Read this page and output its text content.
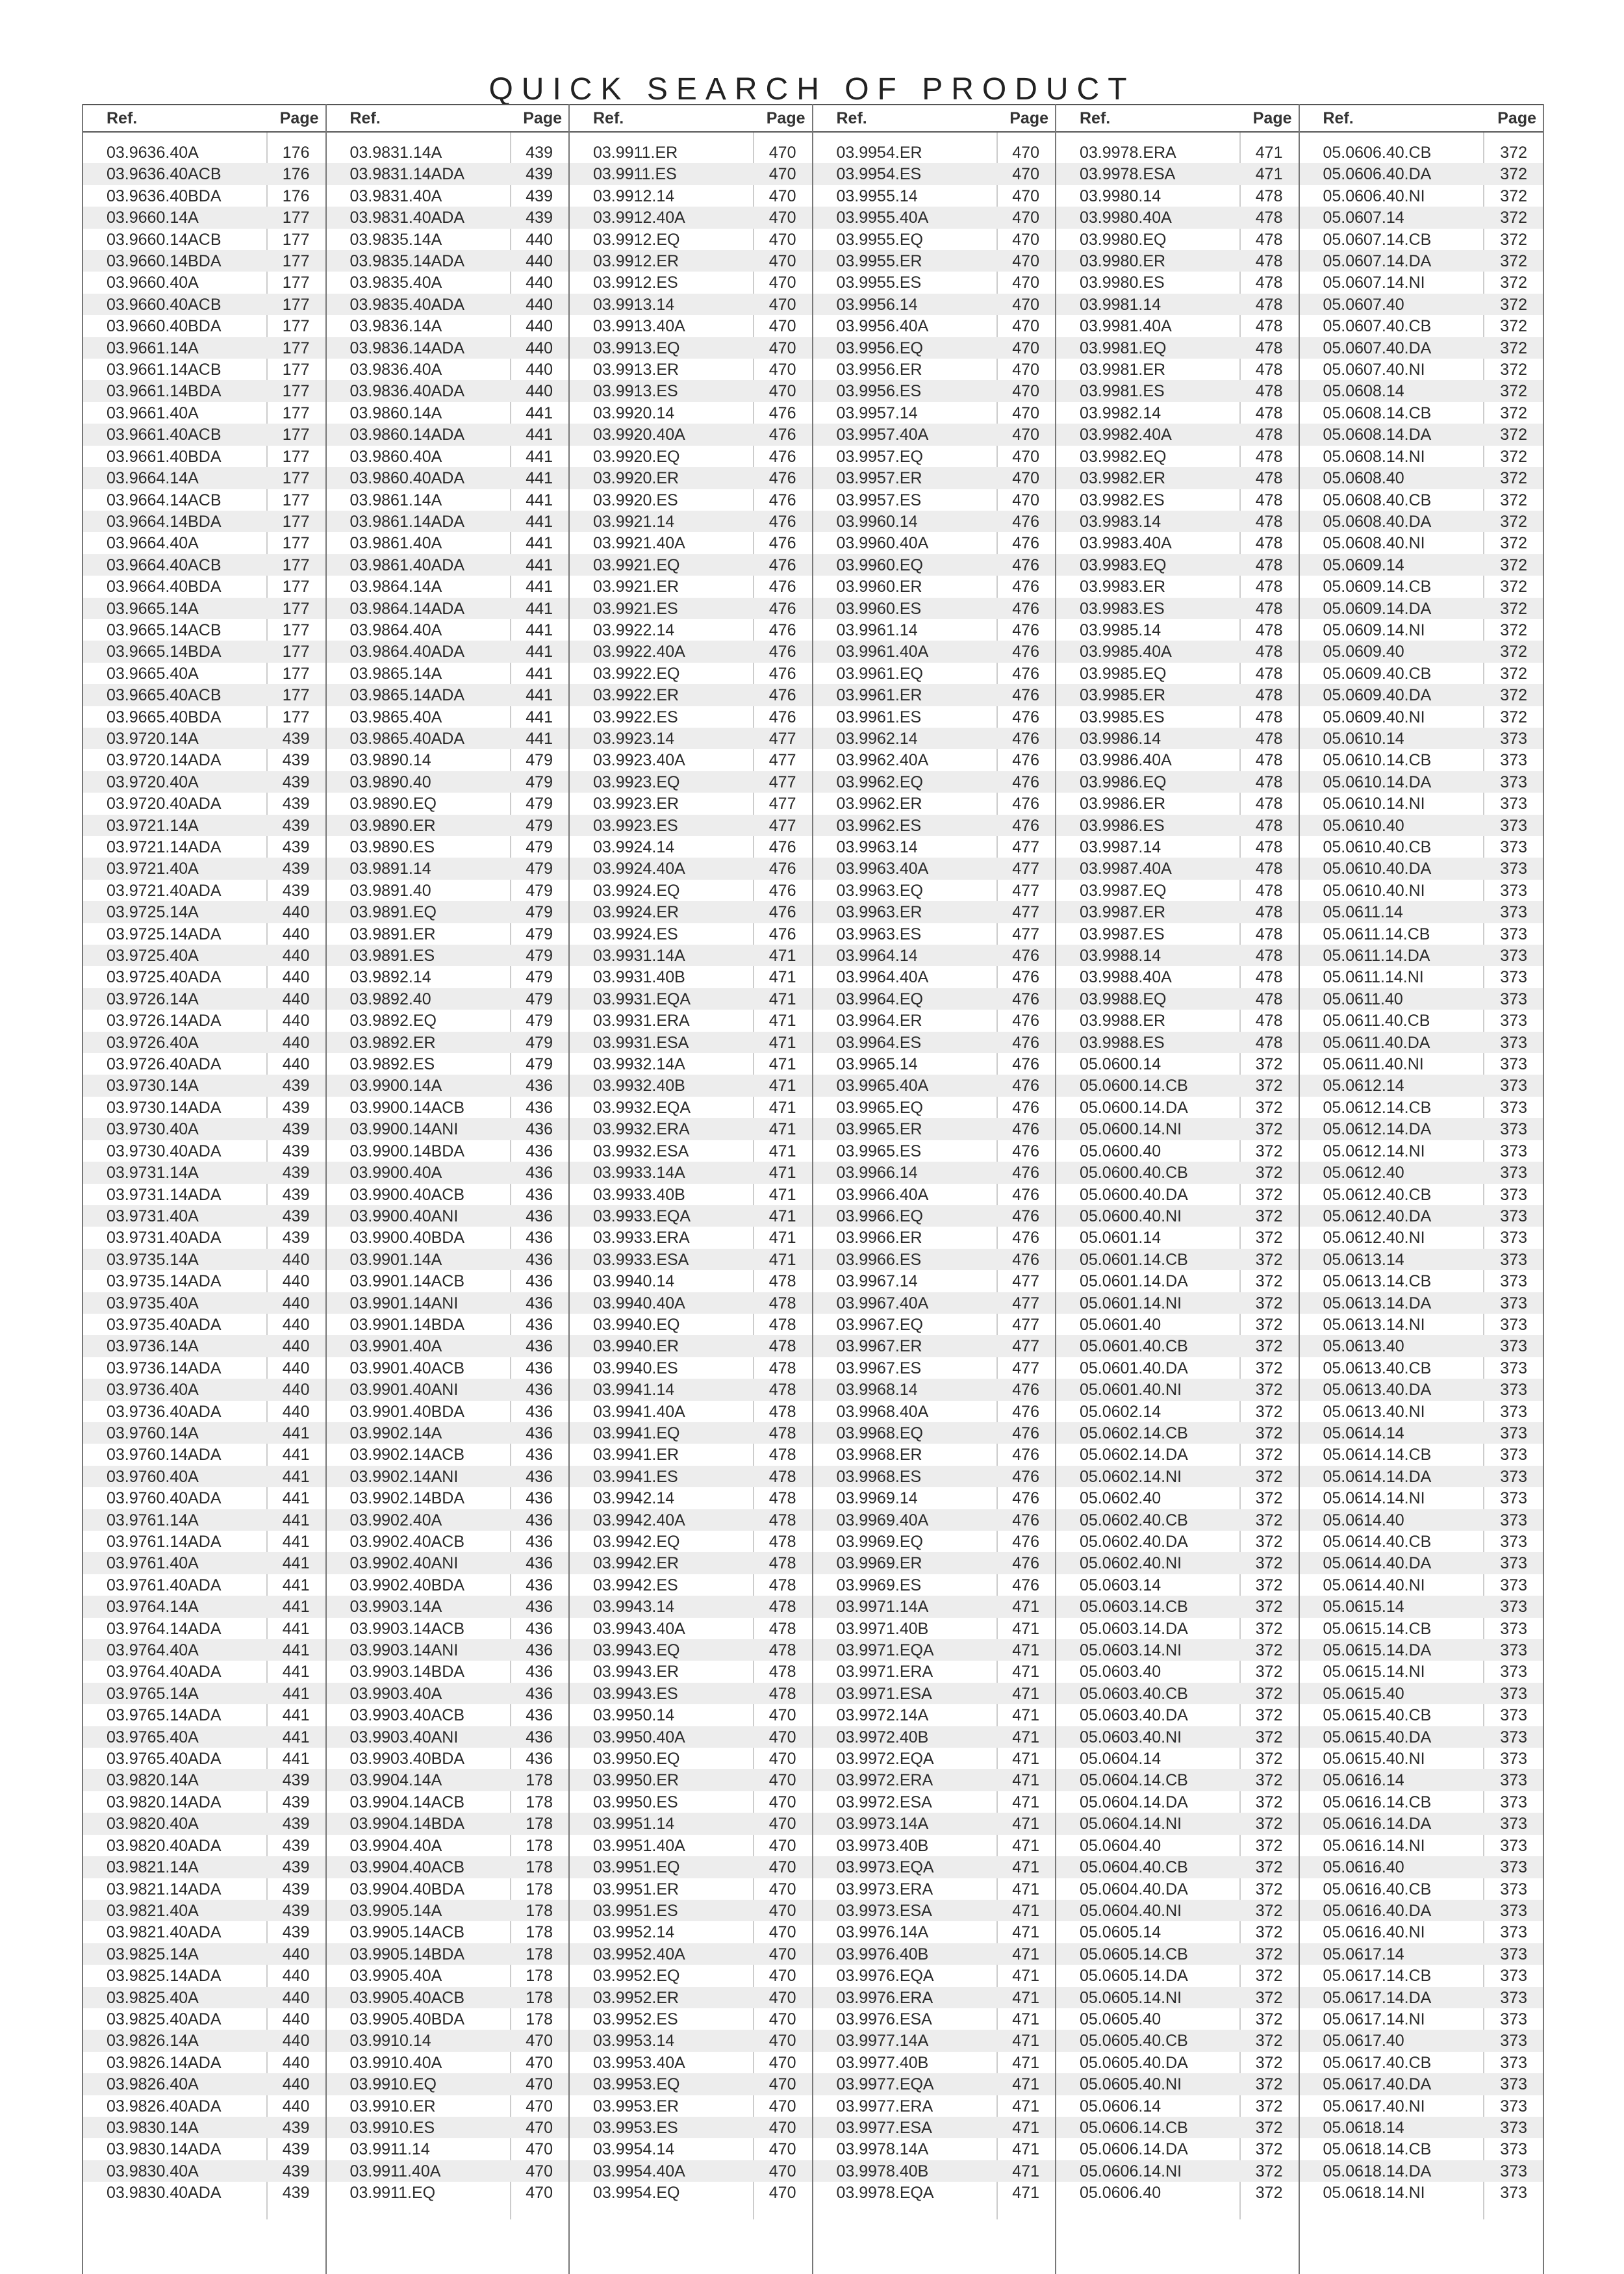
QUICK SEARCH OF PRODUCT
Ref.	Page
03.9636.40A	176
03.9636.40ACB	176
03.9636.40BDA	176
03.9660.14A	177
03.9660.14ACB	177
03.9660.14BDA	177
03.9660.40A	177
03.9660.40ACB	177
03.9660.40BDA	177
03.9661.14A	177
03.9661.14ACB	177
03.9661.14BDA	177
03.9661.40A	177
03.9661.40ACB	177
03.9661.40BDA	177
03.9664.14A	177
03.9664.14ACB	177
03.9664.14BDA	177
03.9664.40A	177
03.9664.40ACB	177
03.9664.40BDA	177
03.9665.14A	177
03.9665.14ACB	177
03.9665.14BDA	177
03.9665.40A	177
03.9665.40ACB	177
03.9665.40BDA	177
03.9720.14A	439
03.9720.14ADA	439
03.9720.40A	439
03.9720.40ADA	439
03.9721.14A	439
03.9721.14ADA	439
03.9721.40A	439
03.9721.40ADA	439
03.9725.14A	440
03.9725.14ADA	440
03.9725.40A	440
03.9725.40ADA	440
03.9726.14A	440
03.9726.14ADA	440
03.9726.40A	440
03.9726.40ADA	440
03.9730.14A	439
03.9730.14ADA	439
03.9730.40A	439
03.9730.40ADA	439
03.9731.14A	439
03.9731.14ADA	439
03.9731.40A	439
03.9731.40ADA	439
03.9735.14A	440
03.9735.14ADA	440
03.9735.40A	440
03.9735.40ADA	440
03.9736.14A	440
03.9736.14ADA	440
03.9736.40A	440
03.9736.40ADA	440
03.9760.14A	441
03.9760.14ADA	441
03.9760.40A	441
03.9760.40ADA	441
03.9761.14A	441
03.9761.14ADA	441
03.9761.40A	441
03.9761.40ADA	441
03.9764.14A	441
03.9764.14ADA	441
03.9764.40A	441
03.9764.40ADA	441
03.9765.14A	441
03.9765.14ADA	441
03.9765.40A	441
03.9765.40ADA	441
03.9820.14A	439
03.9820.14ADA	439
03.9820.40A	439
03.9820.40ADA	439
03.9821.14A	439
03.9821.14ADA	439
03.9821.40A	439
03.9821.40ADA	439
03.9825.14A	440
03.9825.14ADA	440
03.9825.40A	440
03.9825.40ADA	440
03.9826.14A	440
03.9826.14ADA	440
03.9826.40A	440
03.9826.40ADA	440
03.9830.14A	439
03.9830.14ADA	439
03.9830.40A	439
03.9830.40ADA	439
Ref.	Page
03.9831.14A	439
03.9831.14ADA	439
03.9831.40A	439
03.9831.40ADA	439
03.9835.14A	440
03.9835.14ADA	440
03.9835.40A	440
03.9835.40ADA	440
03.9836.14A	440
03.9836.14ADA	440
03.9836.40A	440
03.9836.40ADA	440
03.9860.14A	441
03.9860.14ADA	441
03.9860.40A	441
03.9860.40ADA	441
03.9861.14A	441
03.9861.14ADA	441
03.9861.40A	441
03.9861.40ADA	441
03.9864.14A	441
03.9864.14ADA	441
03.9864.40A	441
03.9864.40ADA	441
03.9865.14A	441
03.9865.14ADA	441
03.9865.40A	441
03.9865.40ADA	441
03.9890.14	479
03.9890.40	479
03.9890.EQ	479
03.9890.ER	479
03.9890.ES	479
03.9891.14	479
03.9891.40	479
03.9891.EQ	479
03.9891.ER	479
03.9891.ES	479
03.9892.14	479
03.9892.40	479
03.9892.EQ	479
03.9892.ER	479
03.9892.ES	479
03.9900.14A	436
03.9900.14ACB	436
03.9900.14ANI	436
03.9900.14BDA	436
03.9900.40A	436
03.9900.40ACB	436
03.9900.40ANI	436
03.9900.40BDA	436
03.9901.14A	436
03.9901.14ACB	436
03.9901.14ANI	436
03.9901.14BDA	436
03.9901.40A	436
03.9901.40ACB	436
03.9901.40ANI	436
03.9901.40BDA	436
03.9902.14A	436
03.9902.14ACB	436
03.9902.14ANI	436
03.9902.14BDA	436
03.9902.40A	436
03.9902.40ACB	436
03.9902.40ANI	436
03.9902.40BDA	436
03.9903.14A	436
03.9903.14ACB	436
03.9903.14ANI	436
03.9903.14BDA	436
03.9903.40A	436
03.9903.40ACB	436
03.9903.40ANI	436
03.9903.40BDA	436
03.9904.14A	178
03.9904.14ACB	178
03.9904.14BDA	178
03.9904.40A	178
03.9904.40ACB	178
03.9904.40BDA	178
03.9905.14A	178
03.9905.14ACB	178
03.9905.14BDA	178
03.9905.40A	178
03.9905.40ACB	178
03.9905.40BDA	178
03.9910.14	470
03.9910.40A	470
03.9910.EQ	470
03.9910.ER	470
03.9910.ES	470
03.9911.14	470
03.9911.40A	470
03.9911.EQ	470
Ref.	Page
03.9911.ER	470
03.9911.ES	470
03.9912.14	470
03.9912.40A	470
03.9912.EQ	470
03.9912.ER	470
03.9912.ES	470
03.9913.14	470
03.9913.40A	470
03.9913.EQ	470
03.9913.ER	470
03.9913.ES	470
03.9920.14	476
03.9920.40A	476
03.9920.EQ	476
03.9920.ER	476
03.9920.ES	476
03.9921.14	476
03.9921.40A	476
03.9921.EQ	476
03.9921.ER	476
03.9921.ES	476
03.9922.14	476
03.9922.40A	476
03.9922.EQ	476
03.9922.ER	476
03.9922.ES	476
03.9923.14	477
03.9923.40A	477
03.9923.EQ	477
03.9923.ER	477
03.9923.ES	477
03.9924.14	476
03.9924.40A	476
03.9924.EQ	476
03.9924.ER	476
03.9924.ES	476
03.9931.14A	471
03.9931.40B	471
03.9931.EQA	471
03.9931.ERA	471
03.9931.ESA	471
03.9932.14A	471
03.9932.40B	471
03.9932.EQA	471
03.9932.ERA	471
03.9932.ESA	471
03.9933.14A	471
03.9933.40B	471
03.9933.EQA	471
03.9933.ERA	471
03.9933.ESA	471
03.9940.14	478
03.9940.40A	478
03.9940.EQ	478
03.9940.ER	478
03.9940.ES	478
03.9941.14	478
03.9941.40A	478
03.9941.EQ	478
03.9941.ER	478
03.9941.ES	478
03.9942.14	478
03.9942.40A	478
03.9942.EQ	478
03.9942.ER	478
03.9942.ES	478
03.9943.14	478
03.9943.40A	478
03.9943.EQ	478
03.9943.ER	478
03.9943.ES	478
03.9950.14	470
03.9950.40A	470
03.9950.EQ	470
03.9950.ER	470
03.9950.ES	470
03.9951.14	470
03.9951.40A	470
03.9951.EQ	470
03.9951.ER	470
03.9951.ES	470
03.9952.14	470
03.9952.40A	470
03.9952.EQ	470
03.9952.ER	470
03.9952.ES	470
03.9953.14	470
03.9953.40A	470
03.9953.EQ	470
03.9953.ER	470
03.9953.ES	470
03.9954.14	470
03.9954.40A	470
03.9954.EQ	470
Ref.	Page
03.9954.ER	470
03.9954.ES	470
03.9955.14	470
03.9955.40A	470
03.9955.EQ	470
03.9955.ER	470
03.9955.ES	470
03.9956.14	470
03.9956.40A	470
03.9956.EQ	470
03.9956.ER	470
03.9956.ES	470
03.9957.14	470
03.9957.40A	470
03.9957.EQ	470
03.9957.ER	470
03.9957.ES	470
03.9960.14	476
03.9960.40A	476
03.9960.EQ	476
03.9960.ER	476
03.9960.ES	476
03.9961.14	476
03.9961.40A	476
03.9961.EQ	476
03.9961.ER	476
03.9961.ES	476
03.9962.14	476
03.9962.40A	476
03.9962.EQ	476
03.9962.ER	476
03.9962.ES	476
03.9963.14	477
03.9963.40A	477
03.9963.EQ	477
03.9963.ER	477
03.9963.ES	477
03.9964.14	476
03.9964.40A	476
03.9964.EQ	476
03.9964.ER	476
03.9964.ES	476
03.9965.14	476
03.9965.40A	476
03.9965.EQ	476
03.9965.ER	476
03.9965.ES	476
03.9966.14	476
03.9966.40A	476
03.9966.EQ	476
03.9966.ER	476
03.9966.ES	476
03.9967.14	477
03.9967.40A	477
03.9967.EQ	477
03.9967.ER	477
03.9967.ES	477
03.9968.14	476
03.9968.40A	476
03.9968.EQ	476
03.9968.ER	476
03.9968.ES	476
03.9969.14	476
03.9969.40A	476
03.9969.EQ	476
03.9969.ER	476
03.9969.ES	476
03.9971.14A	471
03.9971.40B	471
03.9971.EQA	471
03.9971.ERA	471
03.9971.ESA	471
03.9972.14A	471
03.9972.40B	471
03.9972.EQA	471
03.9972.ERA	471
03.9972.ESA	471
03.9973.14A	471
03.9973.40B	471
03.9973.EQA	471
03.9973.ERA	471
03.9973.ESA	471
03.9976.14A	471
03.9976.40B	471
03.9976.EQA	471
03.9976.ERA	471
03.9976.ESA	471
03.9977.14A	471
03.9977.40B	471
03.9977.EQA	471
03.9977.ERA	471
03.9977.ESA	471
03.9978.14A	471
03.9978.40B	471
03.9978.EQA	471
Ref.	Page
03.9978.ERA	471
03.9978.ESA	471
03.9980.14	478
03.9980.40A	478
03.9980.EQ	478
03.9980.ER	478
03.9980.ES	478
03.9981.14	478
03.9981.40A	478
03.9981.EQ	478
03.9981.ER	478
03.9981.ES	478
03.9982.14	478
03.9982.40A	478
03.9982.EQ	478
03.9982.ER	478
03.9982.ES	478
03.9983.14	478
03.9983.40A	478
03.9983.EQ	478
03.9983.ER	478
03.9983.ES	478
03.9985.14	478
03.9985.40A	478
03.9985.EQ	478
03.9985.ER	478
03.9985.ES	478
03.9986.14	478
03.9986.40A	478
03.9986.EQ	478
03.9986.ER	478
03.9986.ES	478
03.9987.14	478
03.9987.40A	478
03.9987.EQ	478
03.9987.ER	478
03.9987.ES	478
03.9988.14	478
03.9988.40A	478
03.9988.EQ	478
03.9988.ER	478
03.9988.ES	478
05.0600.14	372
05.0600.14.CB	372
05.0600.14.DA	372
05.0600.14.NI	372
05.0600.40	372
05.0600.40.CB	372
05.0600.40.DA	372
05.0600.40.NI	372
05.0601.14	372
05.0601.14.CB	372
05.0601.14.DA	372
05.0601.14.NI	372
05.0601.40	372
05.0601.40.CB	372
05.0601.40.DA	372
05.0601.40.NI	372
05.0602.14	372
05.0602.14.CB	372
05.0602.14.DA	372
05.0602.14.NI	372
05.0602.40	372
05.0602.40.CB	372
05.0602.40.DA	372
05.0602.40.NI	372
05.0603.14	372
05.0603.14.CB	372
05.0603.14.DA	372
05.0603.14.NI	372
05.0603.40	372
05.0603.40.CB	372
05.0603.40.DA	372
05.0603.40.NI	372
05.0604.14	372
05.0604.14.CB	372
05.0604.14.DA	372
05.0604.14.NI	372
05.0604.40	372
05.0604.40.CB	372
05.0604.40.DA	372
05.0604.40.NI	372
05.0605.14	372
05.0605.14.CB	372
05.0605.14.DA	372
05.0605.14.NI	372
05.0605.40	372
05.0605.40.CB	372
05.0605.40.DA	372
05.0605.40.NI	372
05.0606.14	372
05.0606.14.CB	372
05.0606.14.DA	372
05.0606.14.NI	372
05.0606.40	372
Ref.	Page
05.0606.40.CB	372
05.0606.40.DA	372
05.0606.40.NI	372
05.0607.14	372
05.0607.14.CB	372
05.0607.14.DA	372
05.0607.14.NI	372
05.0607.40	372
05.0607.40.CB	372
05.0607.40.DA	372
05.0607.40.NI	372
05.0608.14	372
05.0608.14.CB	372
05.0608.14.DA	372
05.0608.14.NI	372
05.0608.40	372
05.0608.40.CB	372
05.0608.40.DA	372
05.0608.40.NI	372
05.0609.14	372
05.0609.14.CB	372
05.0609.14.DA	372
05.0609.14.NI	372
05.0609.40	372
05.0609.40.CB	372
05.0609.40.DA	372
05.0609.40.NI	372
05.0610.14	373
05.0610.14.CB	373
05.0610.14.DA	373
05.0610.14.NI	373
05.0610.40	373
05.0610.40.CB	373
05.0610.40.DA	373
05.0610.40.NI	373
05.0611.14	373
05.0611.14.CB	373
05.0611.14.DA	373
05.0611.14.NI	373
05.0611.40	373
05.0611.40.CB	373
05.0611.40.DA	373
05.0611.40.NI	373
05.0612.14	373
05.0612.14.CB	373
05.0612.14.DA	373
05.0612.14.NI	373
05.0612.40	373
05.0612.40.CB	373
05.0612.40.DA	373
05.0612.40.NI	373
05.0613.14	373
05.0613.14.CB	373
05.0613.14.DA	373
05.0613.14.NI	373
05.0613.40	373
05.0613.40.CB	373
05.0613.40.DA	373
05.0613.40.NI	373
05.0614.14	373
05.0614.14.CB	373
05.0614.14.DA	373
05.0614.14.NI	373
05.0614.40	373
05.0614.40.CB	373
05.0614.40.DA	373
05.0614.40.NI	373
05.0615.14	373
05.0615.14.CB	373
05.0615.14.DA	373
05.0615.14.NI	373
05.0615.40	373
05.0615.40.CB	373
05.0615.40.DA	373
05.0615.40.NI	373
05.0616.14	373
05.0616.14.CB	373
05.0616.14.DA	373
05.0616.14.NI	373
05.0616.40	373
05.0616.40.CB	373
05.0616.40.DA	373
05.0616.40.NI	373
05.0617.14	373
05.0617.14.CB	373
05.0617.14.DA	373
05.0617.14.NI	373
05.0617.40	373
05.0617.40.CB	373
05.0617.40.DA	373
05.0617.40.NI	373
05.0618.14	373
05.0618.14.CB	373
05.0618.14.DA	373
05.0618.14.NI	373
